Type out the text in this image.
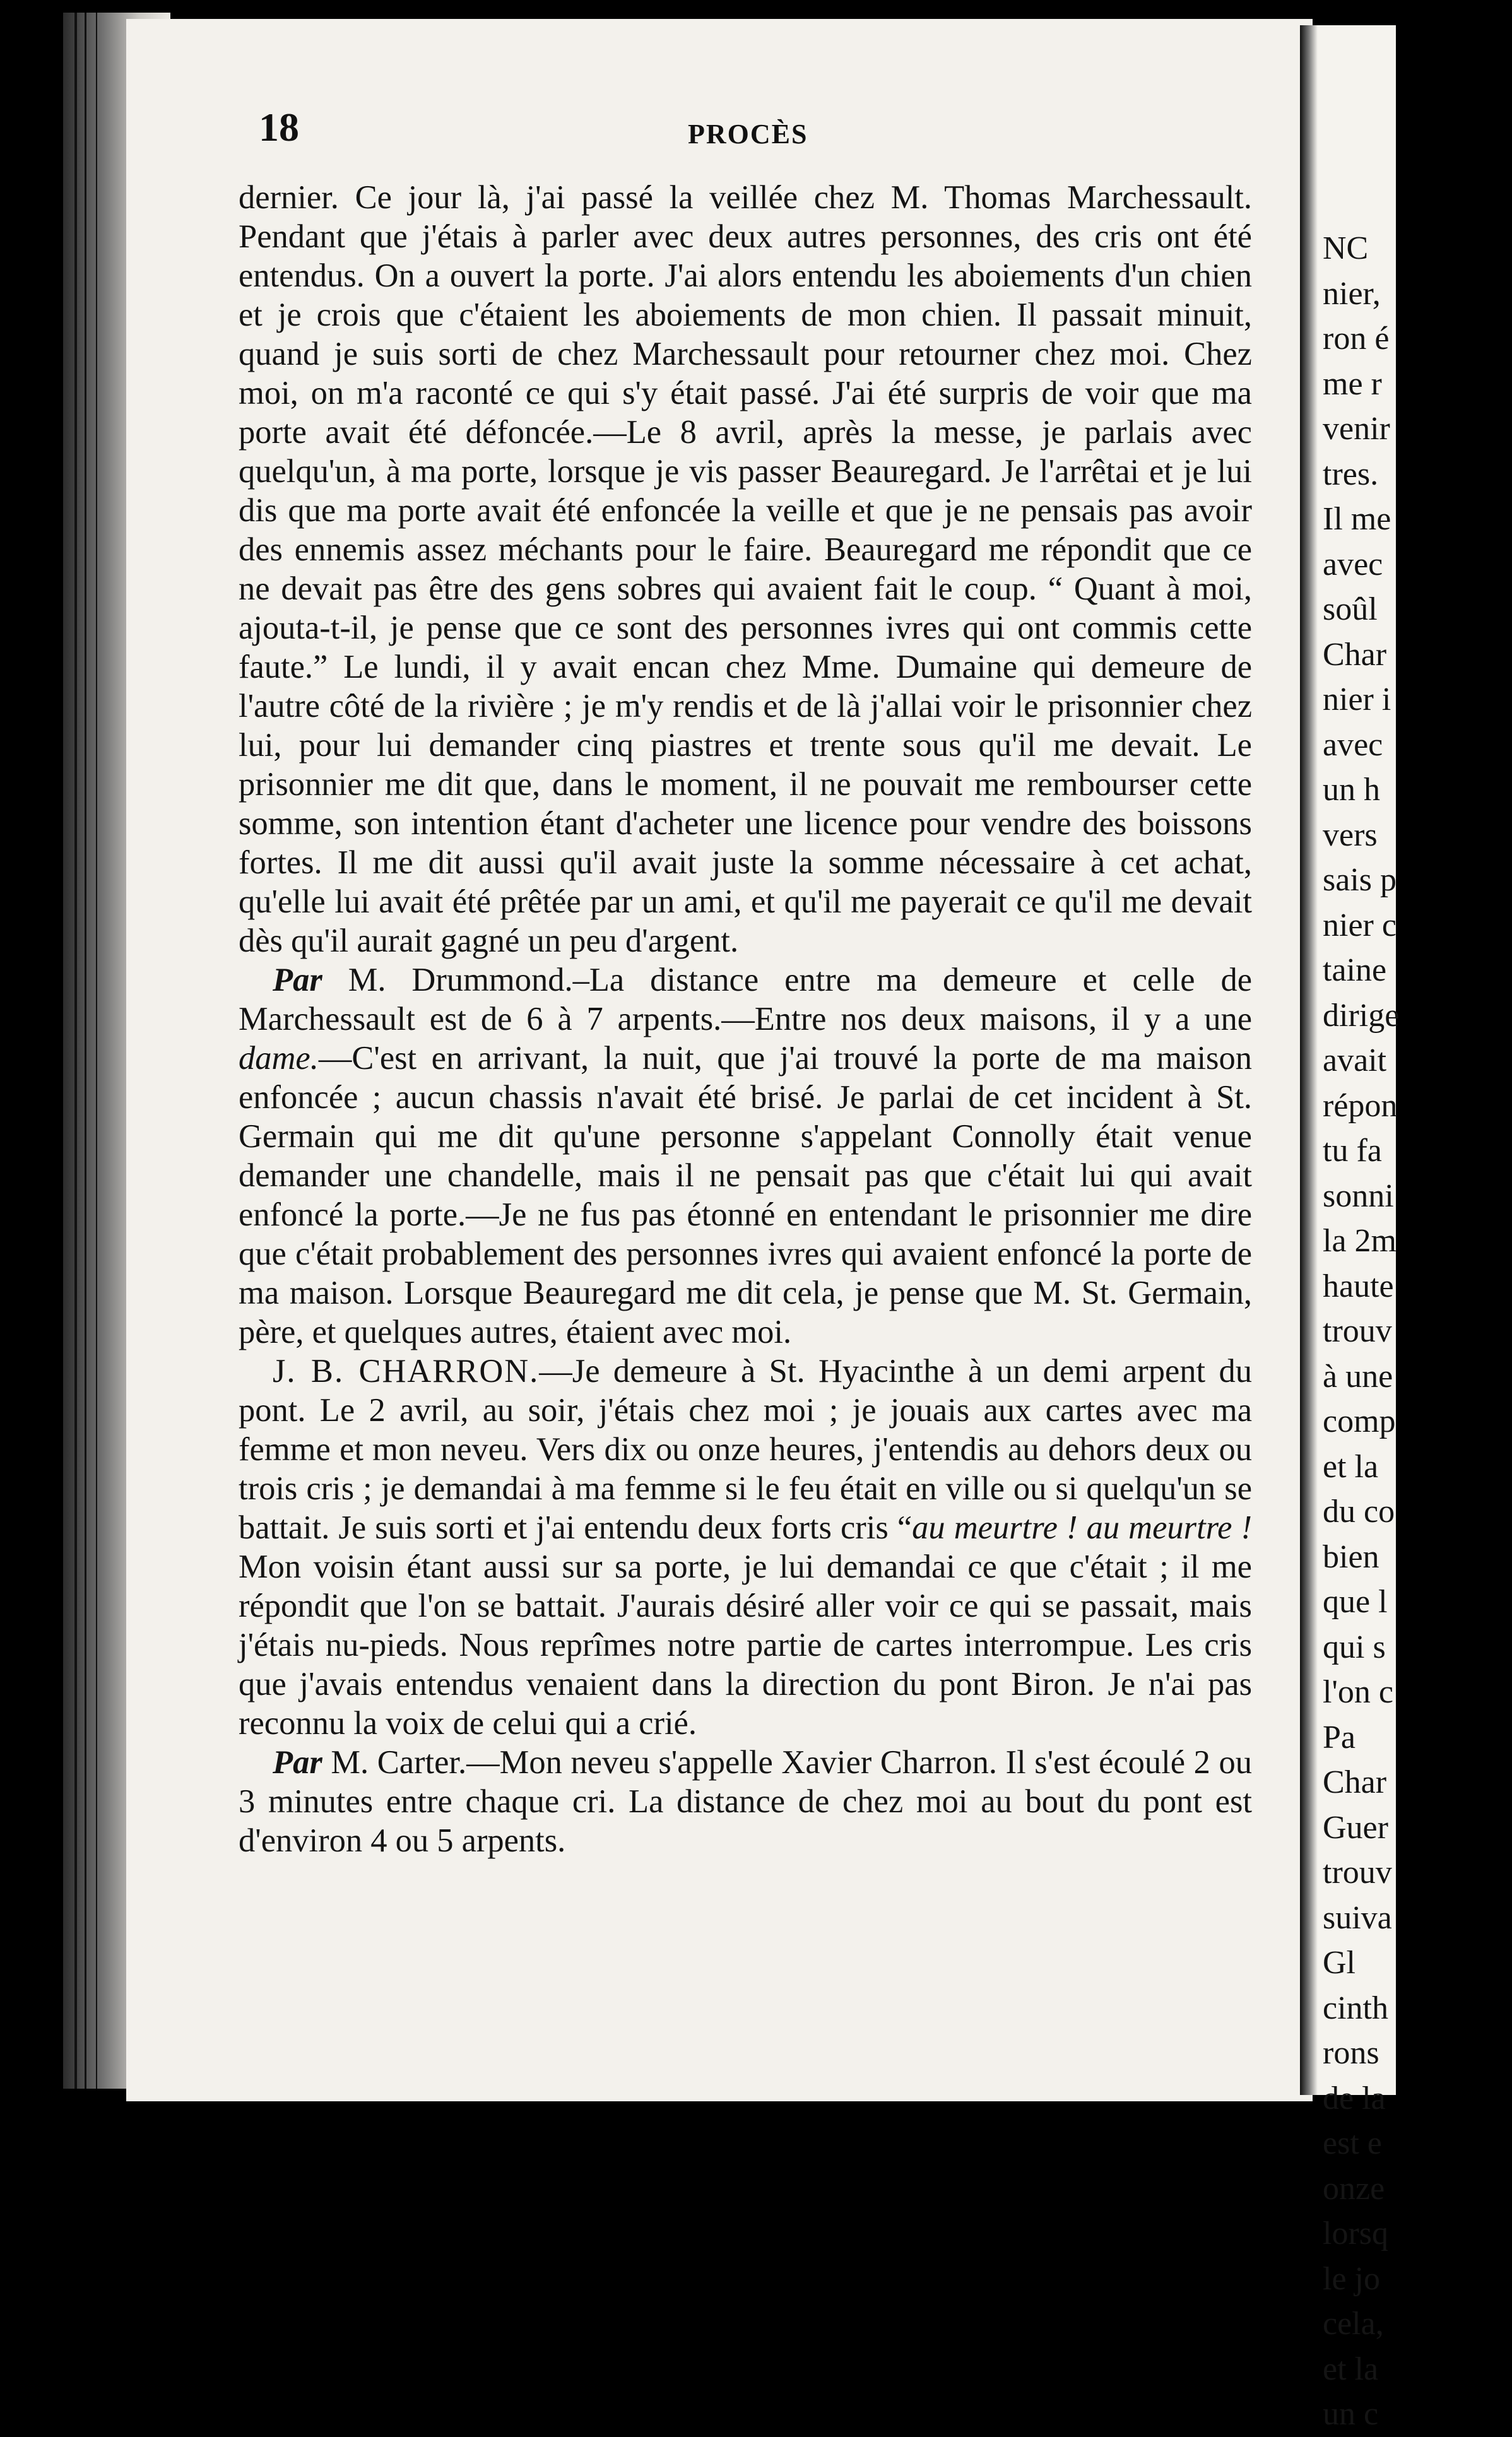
18	PROCÈS

dernier. Ce jour là, j'ai passé la veillée chez M. Thomas Marchessault. Pendant que j'étais à parler avec deux autres personnes, des cris ont été entendus. On a ouvert la porte. J'ai alors entendu les aboiements d'un chien et je crois que c'étaient les aboiements de mon chien. Il passait minuit, quand je suis sorti de chez Marchessault pour retourner chez moi. Chez moi, on m'a raconté ce qui s'y était passé. J'ai été surpris de voir que ma porte avait été défoncée.—Le 8 avril, après la messe, je parlais avec quelqu'un, à ma porte, lorsque je vis passer Beauregard. Je l'arrêtai et je lui dis que ma porte avait été enfoncée la veille et que je ne pensais pas avoir des ennemis assez méchants pour le faire. Beauregard me répondit que ce ne devait pas être des gens sobres qui avaient fait le coup. “ Quant à moi, ajouta-t-il, je pense que ce sont des personnes ivres qui ont commis cette faute.” Le lundi, il y avait encan chez Mme. Dumaine qui demeure de l'autre côté de la rivière ; je m'y rendis et de là j'allai voir le prisonnier chez lui, pour lui demander cinq piastres et trente sous qu'il me devait. Le prisonnier me dit que, dans le moment, il ne pouvait me rembourser cette somme, son intention étant d'acheter une licence pour vendre des boissons fortes. Il me dit aussi qu'il avait juste la somme nécessaire à cet achat, qu'elle lui avait été prêtée par un ami, et qu'il me payerait ce qu'il me devait dès qu'il aurait gagné un peu d'argent.

Par M. Drummond.–La distance entre ma demeure et celle de Marchessault est de 6 à 7 arpents.—Entre nos deux maisons, il y a une dame.—C'est en arrivant, la nuit, que j'ai trouvé la porte de ma maison enfoncée ; aucun chassis n'avait été brisé. Je parlai de cet incident à St. Germain qui me dit qu'une personne s'appelant Connolly était venue demander une chandelle, mais il ne pensait pas que c'était lui qui avait enfoncé la porte.—Je ne fus pas étonné en entendant le prisonnier me dire que c'était probablement des personnes ivres qui avaient enfoncé la porte de ma maison. Lorsque Beauregard me dit cela, je pense que M. St. Germain, père, et quelques autres, étaient avec moi.

J. B. CHARRON.—Je demeure à St. Hyacinthe à un demi arpent du pont. Le 2 avril, au soir, j'étais chez moi ; je jouais aux cartes avec ma femme et mon neveu. Vers dix ou onze heures, j'entendis au dehors deux ou trois cris ; je demandai à ma femme si le feu était en ville ou si quelqu'un se battait. Je suis sorti et j'ai entendu deux forts cris “au meurtre ! au meurtre ! Mon voisin étant aussi sur sa porte, je lui demandai ce que c'était ; il me répondit que l'on se battait. J'aurais désiré aller voir ce qui se passait, mais j'étais nu-pieds. Nous reprîmes notre partie de cartes interrompue. Les cris que j'avais entendus venaient dans la direction du pont Biron. Je n'ai pas reconnu la voix de celui qui a crié.

Par M. Carter.—Mon neveu s'appelle Xavier Charron. Il s'est écoulé 2 ou 3 minutes entre chaque cri. La distance de chez moi au bout du pont est d'environ 4 ou 5 arpents.

NC
nier,
ron é
me r
venir
tres.
Il me
avec
soûl
Char
nier i
avec
un h
vers
sais p
nier c
taine
dirige
avait
répon
tu fa
sonni
la 2m
haute
trouv
à une
comp
et la
du co
bien
que l
qui s
l'on c
Pa
Char
Guer
trouv
suiva
Gl
cinth
rons
de la
est e
onze
lorsq
le jo
cela,
et la
un c
